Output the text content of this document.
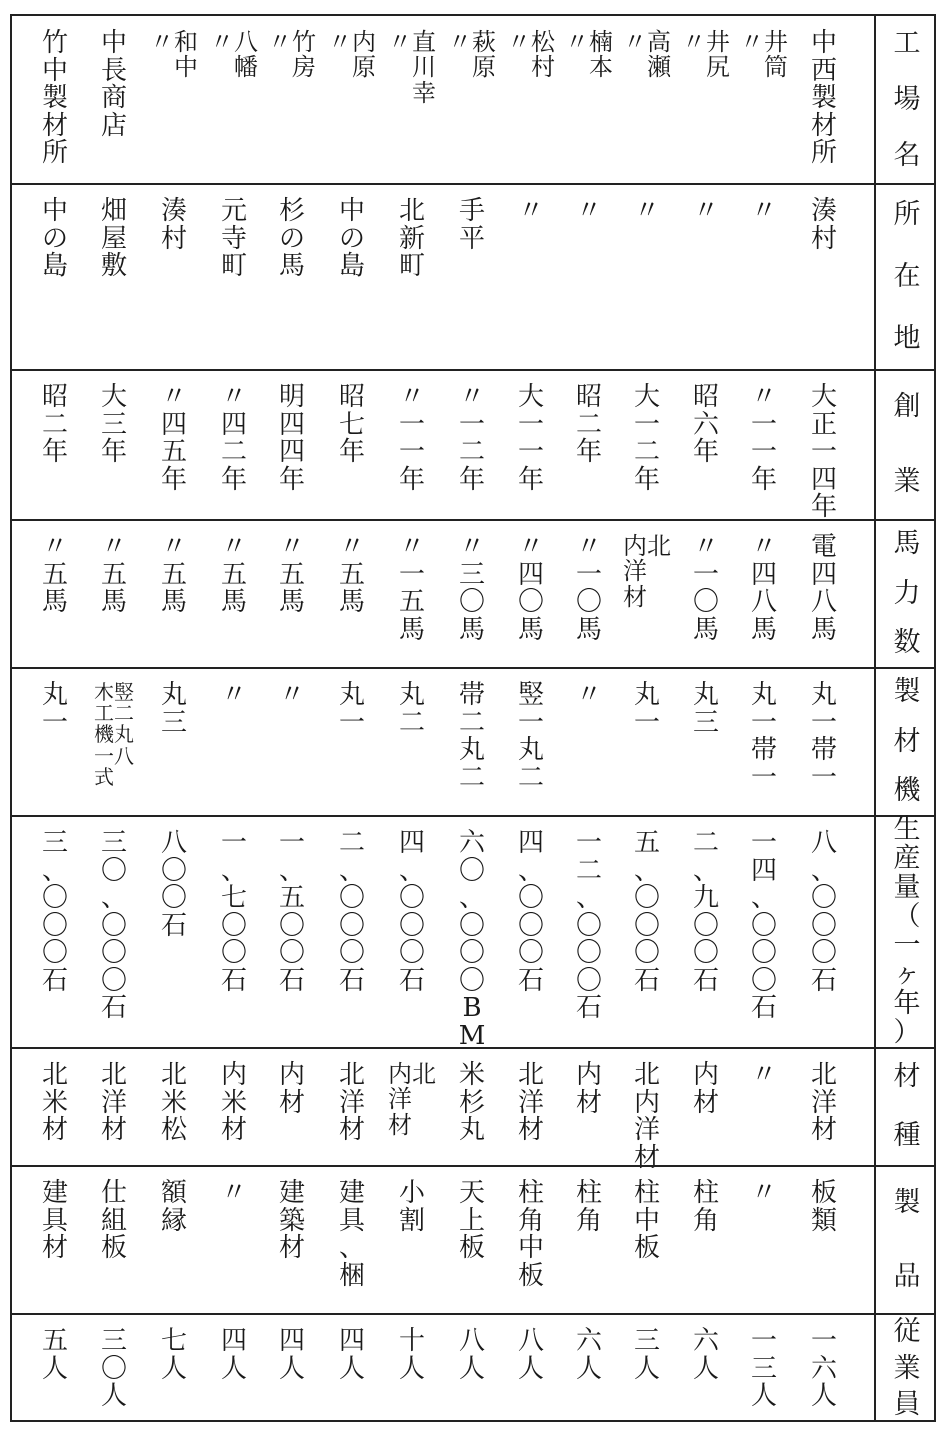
工
場
名
中
西
製
材
所
井
筒
〃
井
尻
〃
高
瀬
〃
楠
本
〃
松
村
〃
萩
原
〃
直
川
幸
〃
内
原
〃
竹
房
〃
八
幡
〃
和
中
〃
中
長
商
店
竹
中
製
材
所
所
在
地
湊
村
〃
〃
〃
〃
〃
手
平
北
新
町
中
の
島
杉
の
馬
元
寺
町
湊
村
畑
屋
敷
中
の
島
創
業
大
正
一
四
年
〃
一
一
年
昭
六
年
大
一
二
年
昭
二
年
大
一
一
年
〃
一
二
年
〃
一
一
年
昭
七
年
明
四
四
年
〃
四
二
年
〃
四
五
年
大
三
年
昭
二
年
馬
力
数
電
四
八
馬
〃
四
八
馬
〃
一
〇
馬
北
内
洋
材
〃
一
〇
馬
〃
四
〇
馬
〃
三
〇
馬
〃
一
五
馬
〃
五
馬
〃
五
馬
〃
五
馬
〃
五
馬
〃
五
馬
〃
五
馬
製
材
機
丸
一
帯
一
丸
一
帯
一
丸
三
丸
一
〃
竪
一
丸
二
帯
二
丸
二
丸
二
丸
一
〃
〃
丸
三
竪
二
丸
八
木
工
機
一
式
丸
一
生
産
量
（
一
ヶ
年
）
八
、
〇
〇
〇
石
一
四
、
〇
〇
〇
石
二
、
九
〇
〇
石
五
、
〇
〇
〇
石
一
二
、
〇
〇
〇
石
四
、
〇
〇
〇
石
六
〇
、
〇
〇
〇
B
M
四
、
〇
〇
〇
石
二
、
〇
〇
〇
石
一
、
五
〇
〇
石
一
、
七
〇
〇
石
八
〇
〇
石
三
〇
、
〇
〇
〇
石
三
、
〇
〇
〇
石
材
種
北
洋
材
〃
内
材
北
内
洋
材
内
材
北
洋
材
米
杉
丸
北
内
洋
材
北
洋
材
内
材
内
米
材
北
米
松
北
洋
材
北
米
材
製
品
板
類
〃
柱
角
柱
中
板
柱
角
柱
角
中
板
天
上
板
小
割
建
具
、
梱
建
築
材
〃
額
縁
仕
組
板
建
具
材
従
業
員
一
六
人
一
三
人
六
人
三
人
六
人
八
人
八
人
十
人
四
人
四
人
四
人
七
人
三
〇
人
五
人
